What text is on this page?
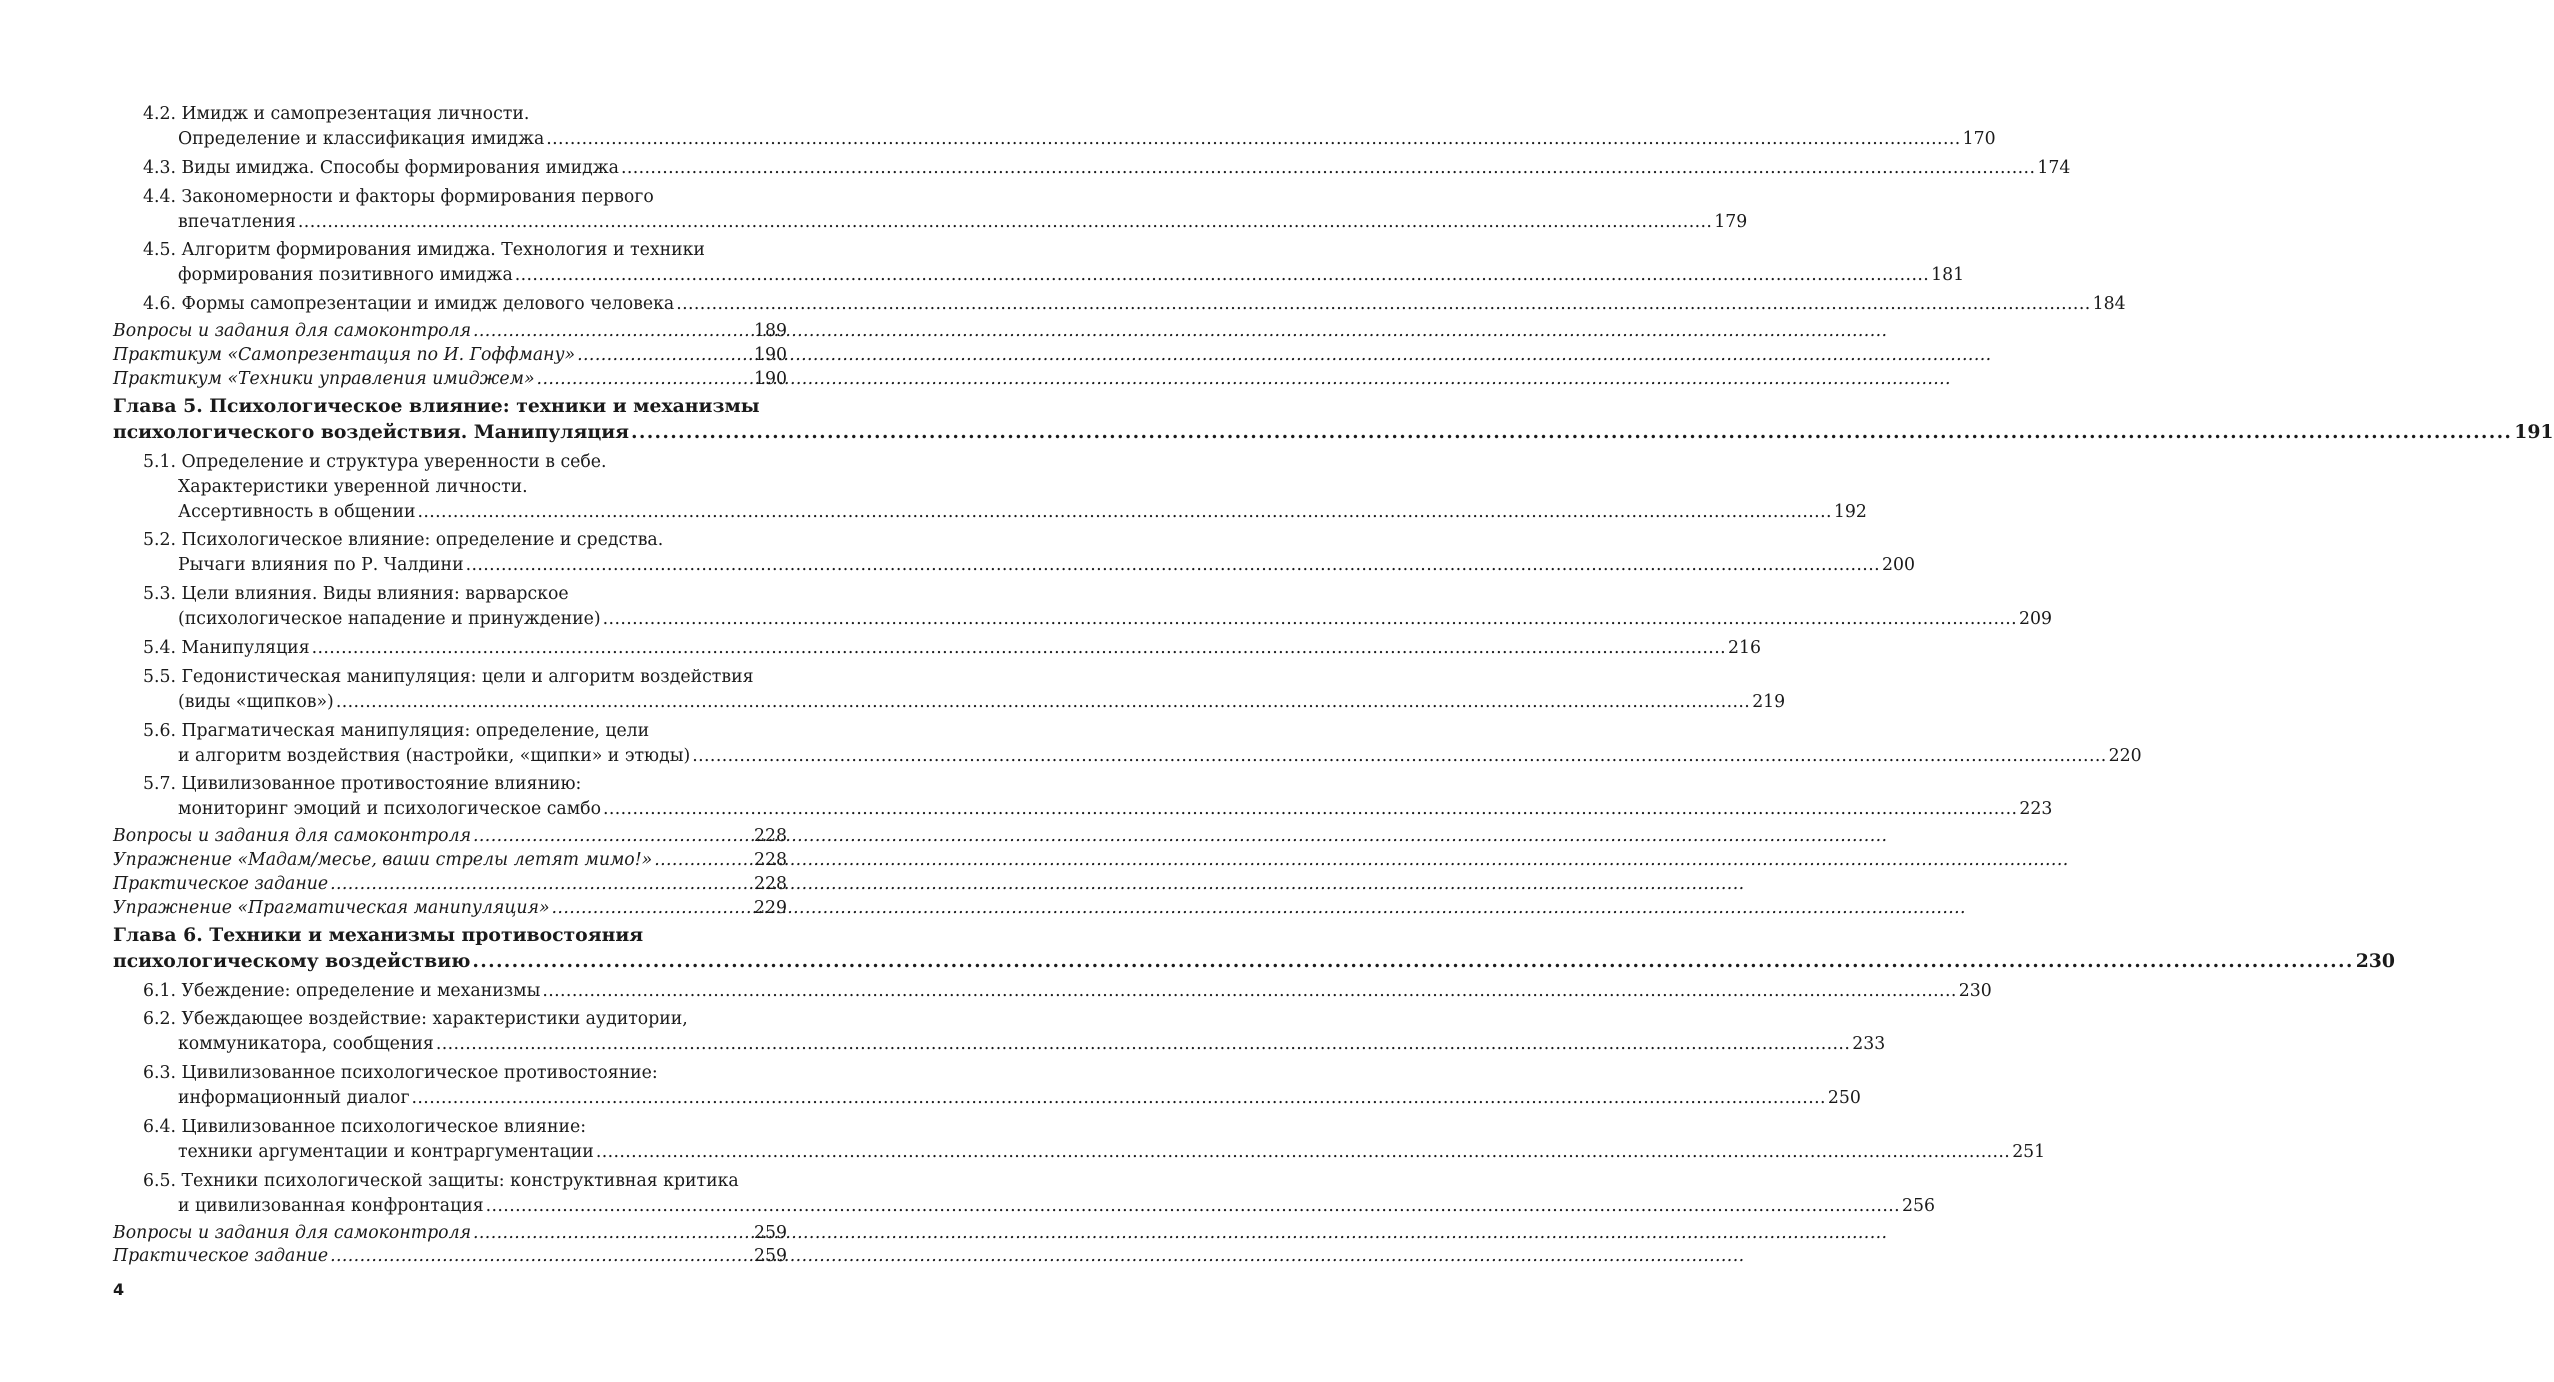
4.2. Имидж и самопрезентация личности.
Определение и классификация имиджа .....	170
4.3. Виды имиджа. Способы формирования имиджа .....	174
4.4. Закономерности и факторы формирования первого
впечатления .....	179
4.5. Алгоритм формирования имиджа. Технология и техники
формирования позитивного имиджа .....	181
4.6. Формы самопрезентации и имидж делового человека .....	184
Вопросы и задания для самоконтроля .....	189
Практикум «Самопрезентация по И. Гоффману» .....	190
Практикум «Техники управления имиджем» .....	190
Глава 5. Психологическое влияние: техники и механизмы
психологического воздействия. Манипуляция .....	191
5.1. Определение и структура уверенности в себе.
Характеристики уверенной личности.
Ассертивность в общении .....	192
5.2. Психологическое влияние: определение и средства.
Рычаги влияния по Р. Чалдини .....	200
5.3. Цели влияния. Виды влияния: варварское
(психологическое нападение и принуждение) .....	209
5.4. Манипуляция .....	216
5.5. Гедонистическая манипуляция: цели и алгоритм воздействия
(виды «щипков») .....	219
5.6. Прагматическая манипуляция: определение, цели
и алгоритм воздействия (настройки, «щипки» и этюды) .....	220
5.7. Цивилизованное противостояние влиянию:
мониторинг эмоций и психологическое самбо .....	223
Вопросы и задания для самоконтроля .....	228
Упражнение «Мадам/месье, ваши стрелы летят мимо!» .....	228
Практическое задание .....	228
Упражнение «Прагматическая манипуляция» .....	229
Глава 6. Техники и механизмы противостояния
психологическому воздействию .....	230
6.1. Убеждение: определение и механизмы .....	230
6.2. Убеждающее воздействие: характеристики аудитории,
коммуникатора, сообщения .....	233
6.3. Цивилизованное психологическое противостояние:
информационный диалог .....	250
6.4. Цивилизованное психологическое влияние:
техники аргументации и контраргументации .....	251
6.5. Техники психологической защиты: конструктивная критика
и цивилизованная конфронтация .....	256
Вопросы и задания для самоконтроля .....	259
Практическое задание .....	259
4
